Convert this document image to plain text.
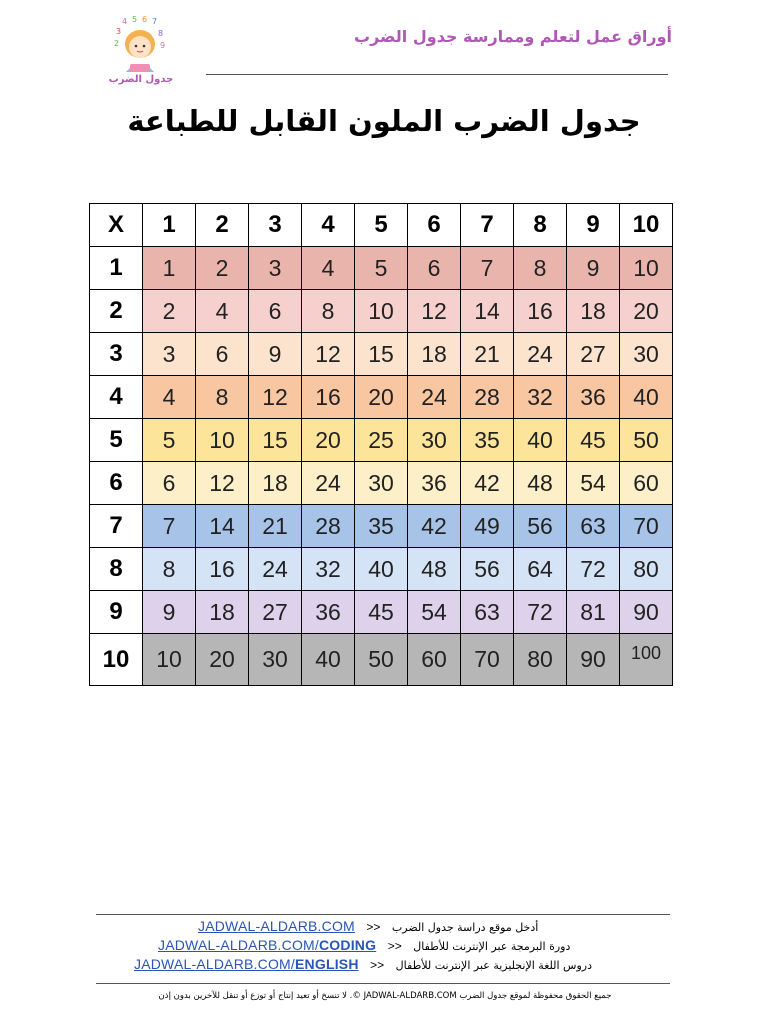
4 5 6 7
3	8
2	9
جدول الضرب
أوراق عمل لتعلم وممارسة جدول الضرب
جدول الضرب الملون القابل للطباعة
X	1	2	3	4	5	6	7	8	9	10
1	1	2	3	4	5	6	7	8	9	10
2	2	4	6	8	10	12	14	16	18	20
3	3	6	9	12	15	18	21	24	27	30
4	4	8	12	16	20	24	28	32	36	40
5	5	10	15	20	25	30	35	40	45	50
6	6	12	18	24	30	36	42	48	54	60
7	7	14	21	28	35	42	49	56	63	70
8	8	16	24	32	40	48	56	64	72	80
9	9	18	27	36	45	54	63	72	81	90
10	10	20	30	40	50	60	70	80	90	100
JADWAL-ALDARB.COM >> أدخل موقع دراسة جدول الضرب
JADWAL-ALDARB.COM/CODING >> دورة البرمجة عبر الإنترنت للأطفال
JADWAL-ALDARB.COM/ENGLISH >> دروس اللغة الإنجليزية عبر الإنترنت للأطفال
جميع الحقوق محفوظة لموقع جدول الضرب JADWAL-ALDARB.COM ©. لا تنسخ أو تعيد إنتاج أو توزع أو تنقل للآخرين بدون إذن
